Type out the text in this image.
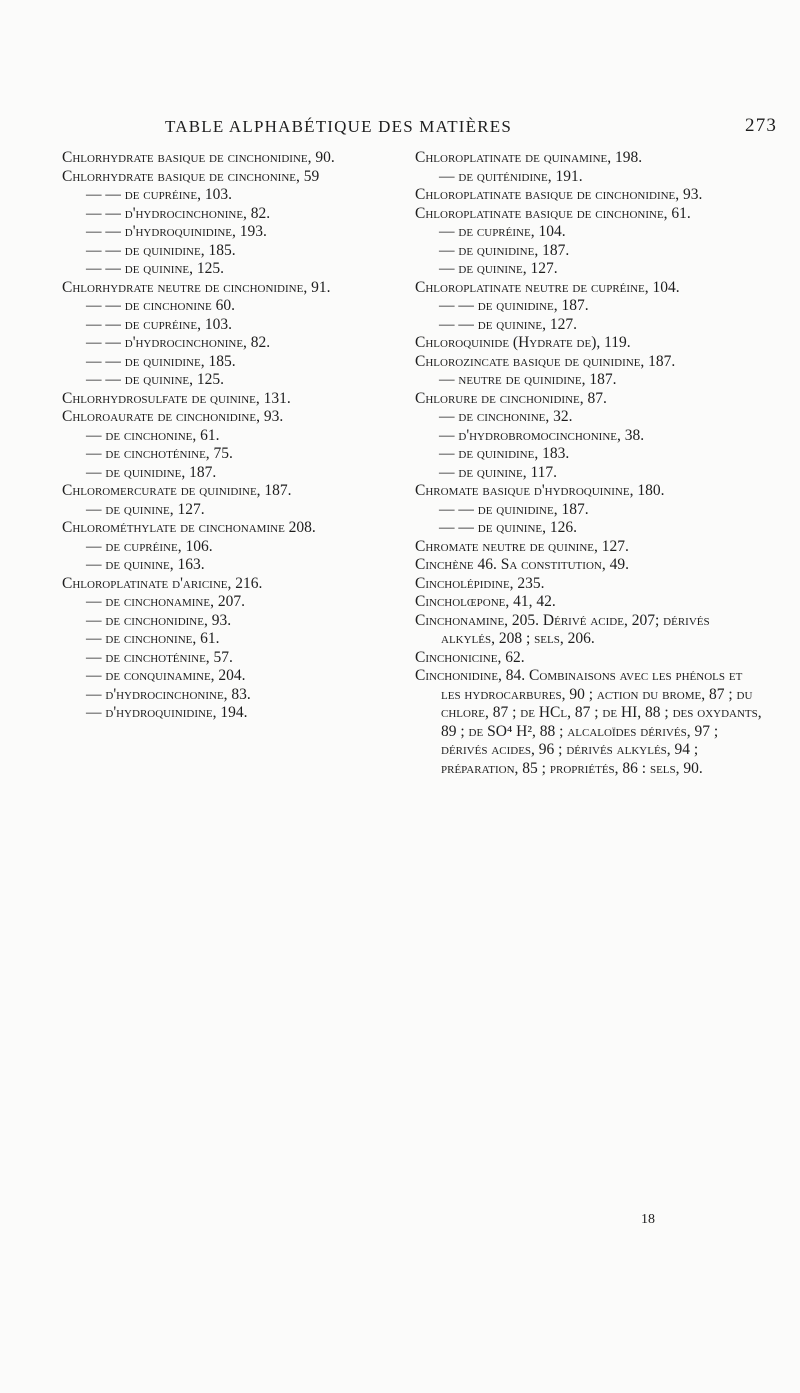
TABLE ALPHABÉTIQUE DES MATIÈRES	273
Chlorhydrate basique de cinchonidine, 90.
Chlorhydrate basique de cinchonine, 59
— — de cupréine, 103.
— — d'hydrocinchonine, 82.
— — d'hydroquinidine, 193.
— — de quinidine, 185.
— — de quinine, 125.
Chlorhydrate neutre de cinchonidine, 91.
— — de cinchonine 60.
— — de cupréine, 103.
— — d'hydrocinchonine, 82.
— — de quinidine, 185.
— — de quinine, 125.
Chlorhydrosulfate de quinine, 131.
Chloroaurate de cinchonidine, 93.
— de cinchonine, 61.
— de cinchoténine, 75.
— de quinidine, 187.
Chloromercurate de quinidine, 187.
— de quinine, 127.
Chlorométhylate de cinchonamine 208.
— de cupréine, 106.
— de quinine, 163.
Chloroplatinate d'aricine, 216.
— de cinchonamine, 207.
— de cinchonidine, 93.
— de cinchonine, 61.
— de cinchoténine, 57.
— de conquinamine, 204.
— d'hydrocinchonine, 83.
— d'hydroquinidine, 194.
Chloroplatinate de quinamine, 198.
— de quiténidine, 191.
Chloroplatinate basique de cinchonidine, 93.
Chloroplatinate basique de cinchonine, 61.
— de cupréine, 104.
— de quinidine, 187.
— de quinine, 127.
Chloroplatinate neutre de cupréine, 104.
— — de quinidine, 187.
— — de quinine, 127.
Chloroquinide (Hydrate de), 119.
Chlorozincate basique de quinidine, 187.
— neutre de quinidine, 187.
Chlorure de cinchonidine, 87.
— de cinchonine, 32.
— d'hydrobromocinchonine, 38.
— de quinidine, 183.
— de quinine, 117.
Chromate basique d'hydroquinine, 180.
— — de quinidine, 187.
— — de quinine, 126.
Chromate neutre de quinine, 127.
Cinchène 46. Sa constitution, 49.
Cincholépidine, 235.
Cincholœpone, 41, 42.
Cinchonamine, 205. Dérivé acide, 207; dérivés alkylés, 208 ; sels, 206.
Cinchonicine, 62.
Cinchonidine, 84. Combinaisons avec les phénols et les hydrocarbures, 90 ; action du brome, 87 ; du chlore, 87 ; de HCl, 87 ; de HI, 88 ; des oxydants, 89 ; de SO⁴ H², 88 ; alcaloïdes dérivés, 97 ; dérivés acides, 96 ; dérivés alkylés, 94 ; préparation, 85 ; propriétés, 86 : sels, 90.
18
